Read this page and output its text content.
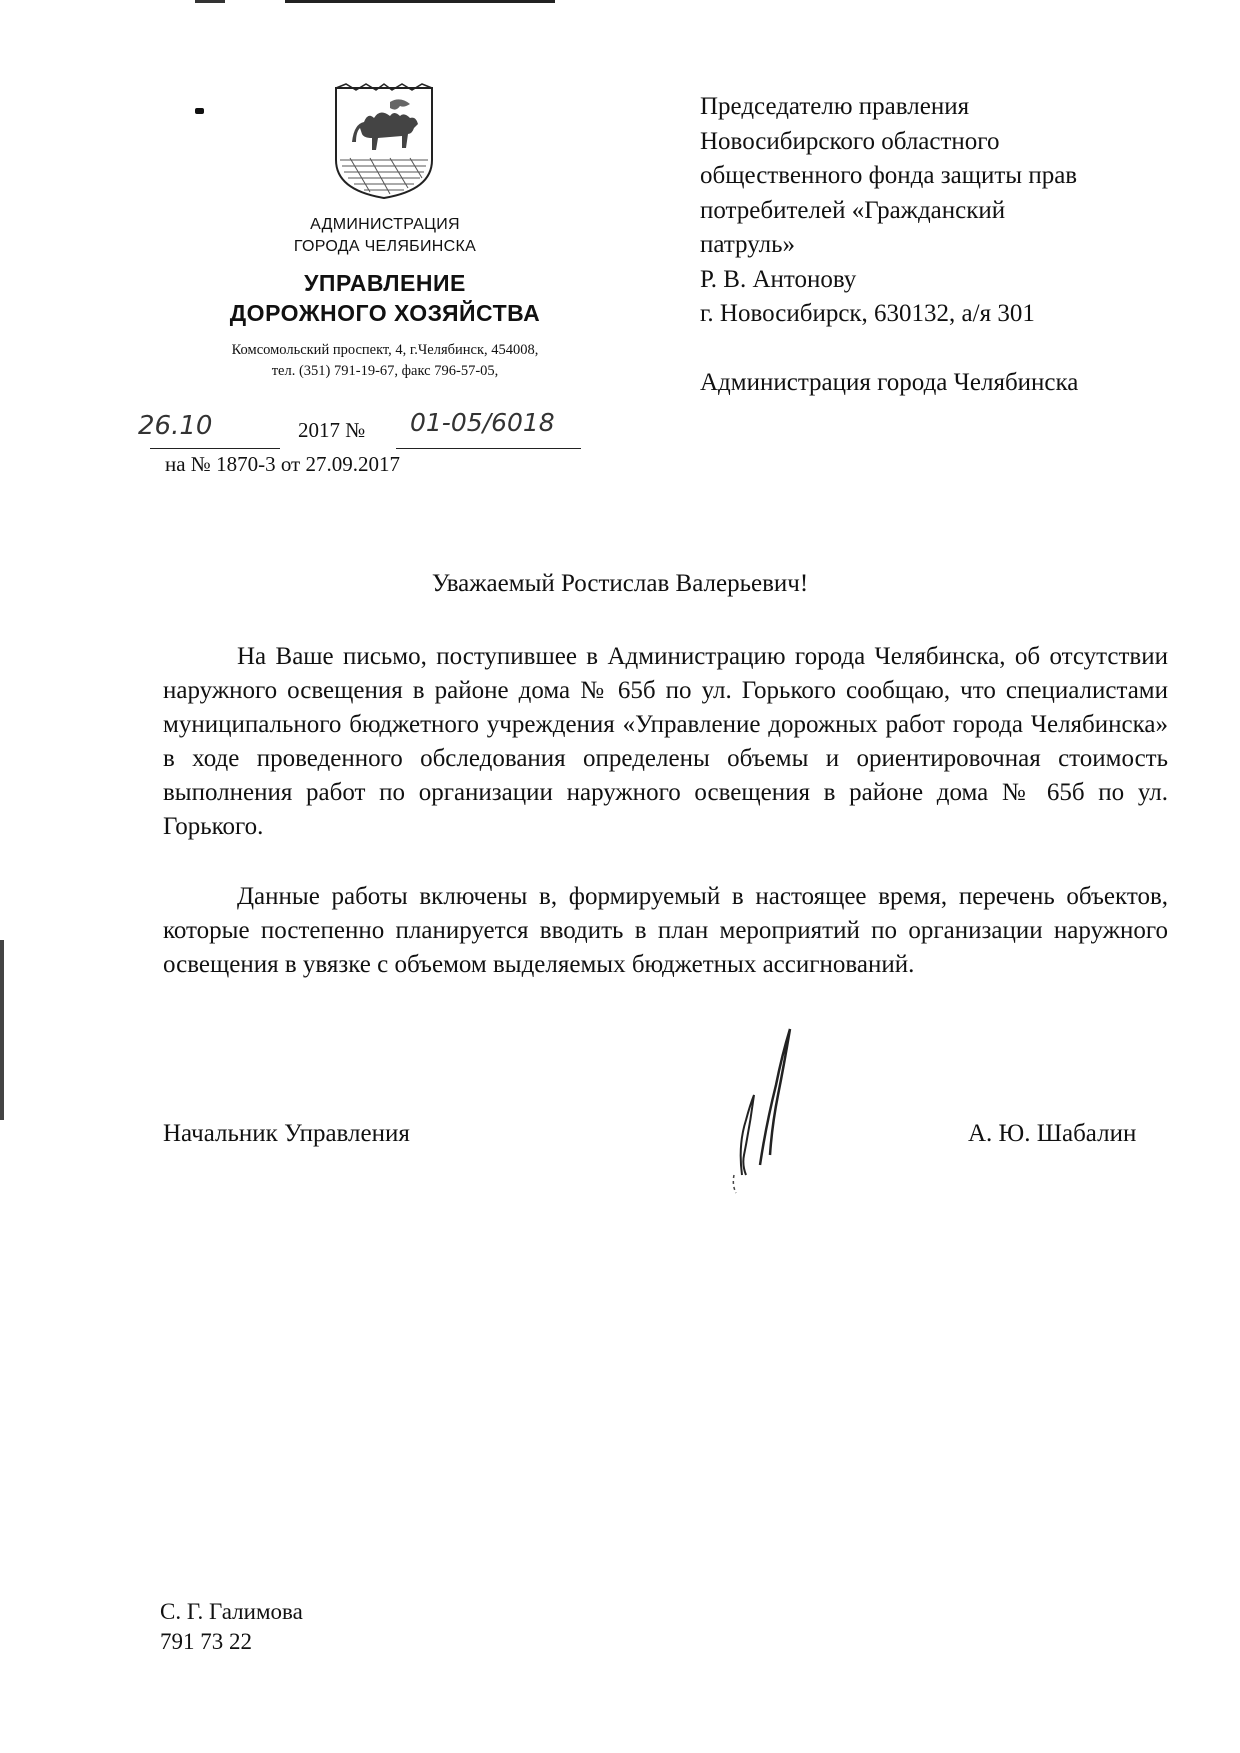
АДМИНИСТРАЦИЯ
ГОРОДА ЧЕЛЯБИНСКА
УПРАВЛЕНИЕ
ДОРОЖНОГО ХОЗЯЙСТВА
Комсомольский проспект, 4, г.Челябинск, 454008,
тел. (351) 791-19-67, факс 796-57-05,
26.10	2017 № 01-05/6018
на № 1870-3 от 27.09.2017
Председателю правления
Новосибирского областного
общественного фонда защиты прав
потребителей «Гражданский
патруль»
Р. В. Антонову
г. Новосибирск, 630132, а/я 301
Администрация города Челябинска
Уважаемый Ростислав Валерьевич!
На Ваше письмо, поступившее в Администрацию города Челябинска, об отсутствии наружного освещения в районе дома № 65б по ул. Горького сообщаю, что специалистами муниципального бюджетного учреждения «Управление дорожных работ города Челябинска» в ходе проведенного обследования определены объемы и ориентировочная стоимость выполнения работ по организации наружного освещения в районе дома № 65б по ул. Горького.
Данные работы включены в, формируемый в настоящее время, перечень объектов, которые постепенно планируется вводить в план мероприятий по организации наружного освещения в увязке с объемом выделяемых бюджетных ассигнований.
Начальник Управления	А. Ю. Шабалин
С. Г. Галимова
791 73 22
